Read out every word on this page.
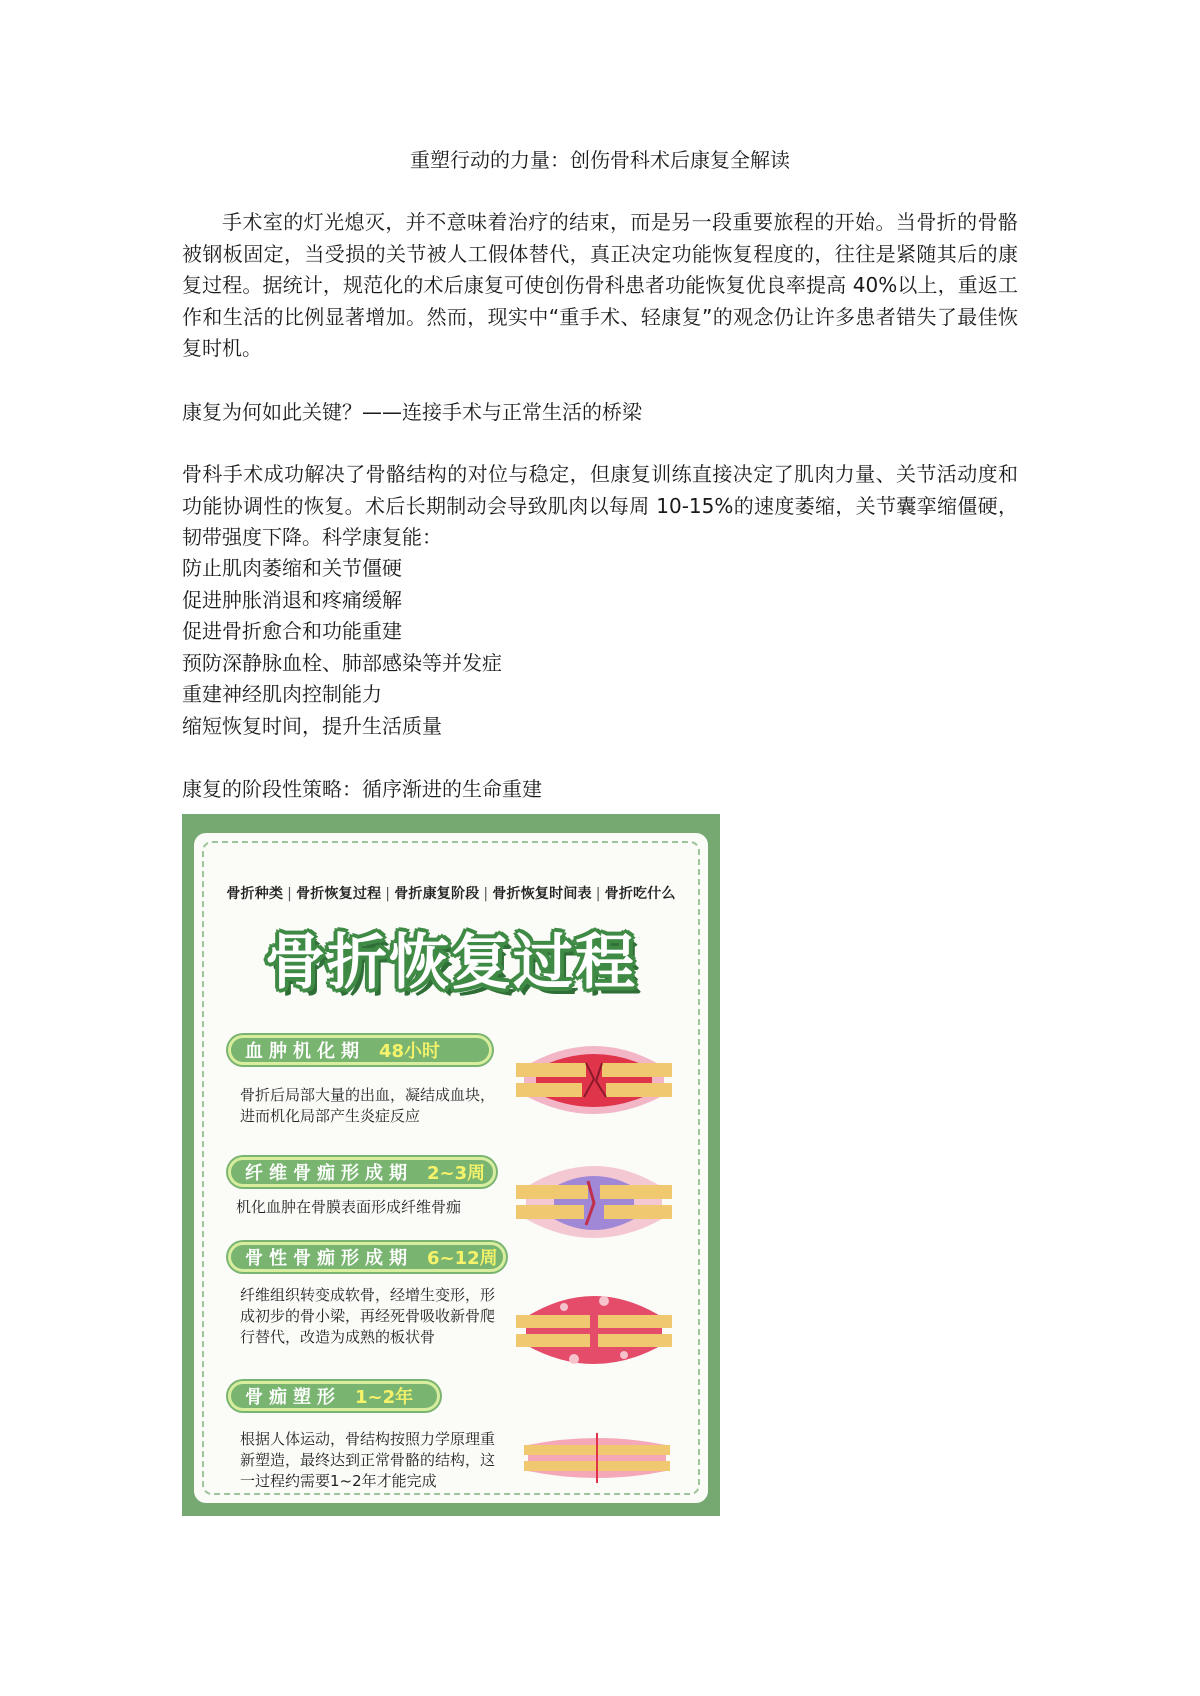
重塑行动的力量：创伤骨科术后康复全解读
手术室的灯光熄灭，并不意味着治疗的结束，而是另一段重要旅程的开始。当骨折的骨骼被钢板固定，当受损的关节被人工假体替代，真正决定功能恢复程度的，往往是紧随其后的康复过程。据统计，规范化的术后康复可使创伤骨科患者功能恢复优良率提高 40%以上，重返工作和生活的比例显著增加。然而，现实中“重手术、轻康复”的观念仍让许多患者错失了最佳恢复时机。
康复为何如此关键？——连接手术与正常生活的桥梁
骨科手术成功解决了骨骼结构的对位与稳定，但康复训练直接决定了肌肉力量、关节活动度和功能协调性的恢复。术后长期制动会导致肌肉以每周 10-15%的速度萎缩，关节囊挛缩僵硬，韧带强度下降。科学康复能：
防止肌肉萎缩和关节僵硬
促进肿胀消退和疼痛缓解
促进骨折愈合和功能重建
预防深静脉血栓、肺部感染等并发症
重建神经肌肉控制能力
缩短恢复时间，提升生活质量
康复的阶段性策略：循序渐进的生命重建
骨折种类 | 骨折恢复过程 | 骨折康复阶段 | 骨折恢复时间表 | 骨折吃什么
骨折恢复过程
血肿机化期 48小时
骨折后局部大量的出血，凝结成血块，进而机化局部产生炎症反应
纤维骨痂形成期 2~3周
机化血肿在骨膜表面形成纤维骨痂
骨性骨痂形成期 6~12周
纤维组织转变成软骨，经增生变形，形成初步的骨小梁，再经死骨吸收新骨爬行替代，改造为成熟的板状骨
骨痂塑形 1~2年
根据人体运动，骨结构按照力学原理重新塑造，最终达到正常骨骼的结构，这一过程约需要1~2年才能完成
